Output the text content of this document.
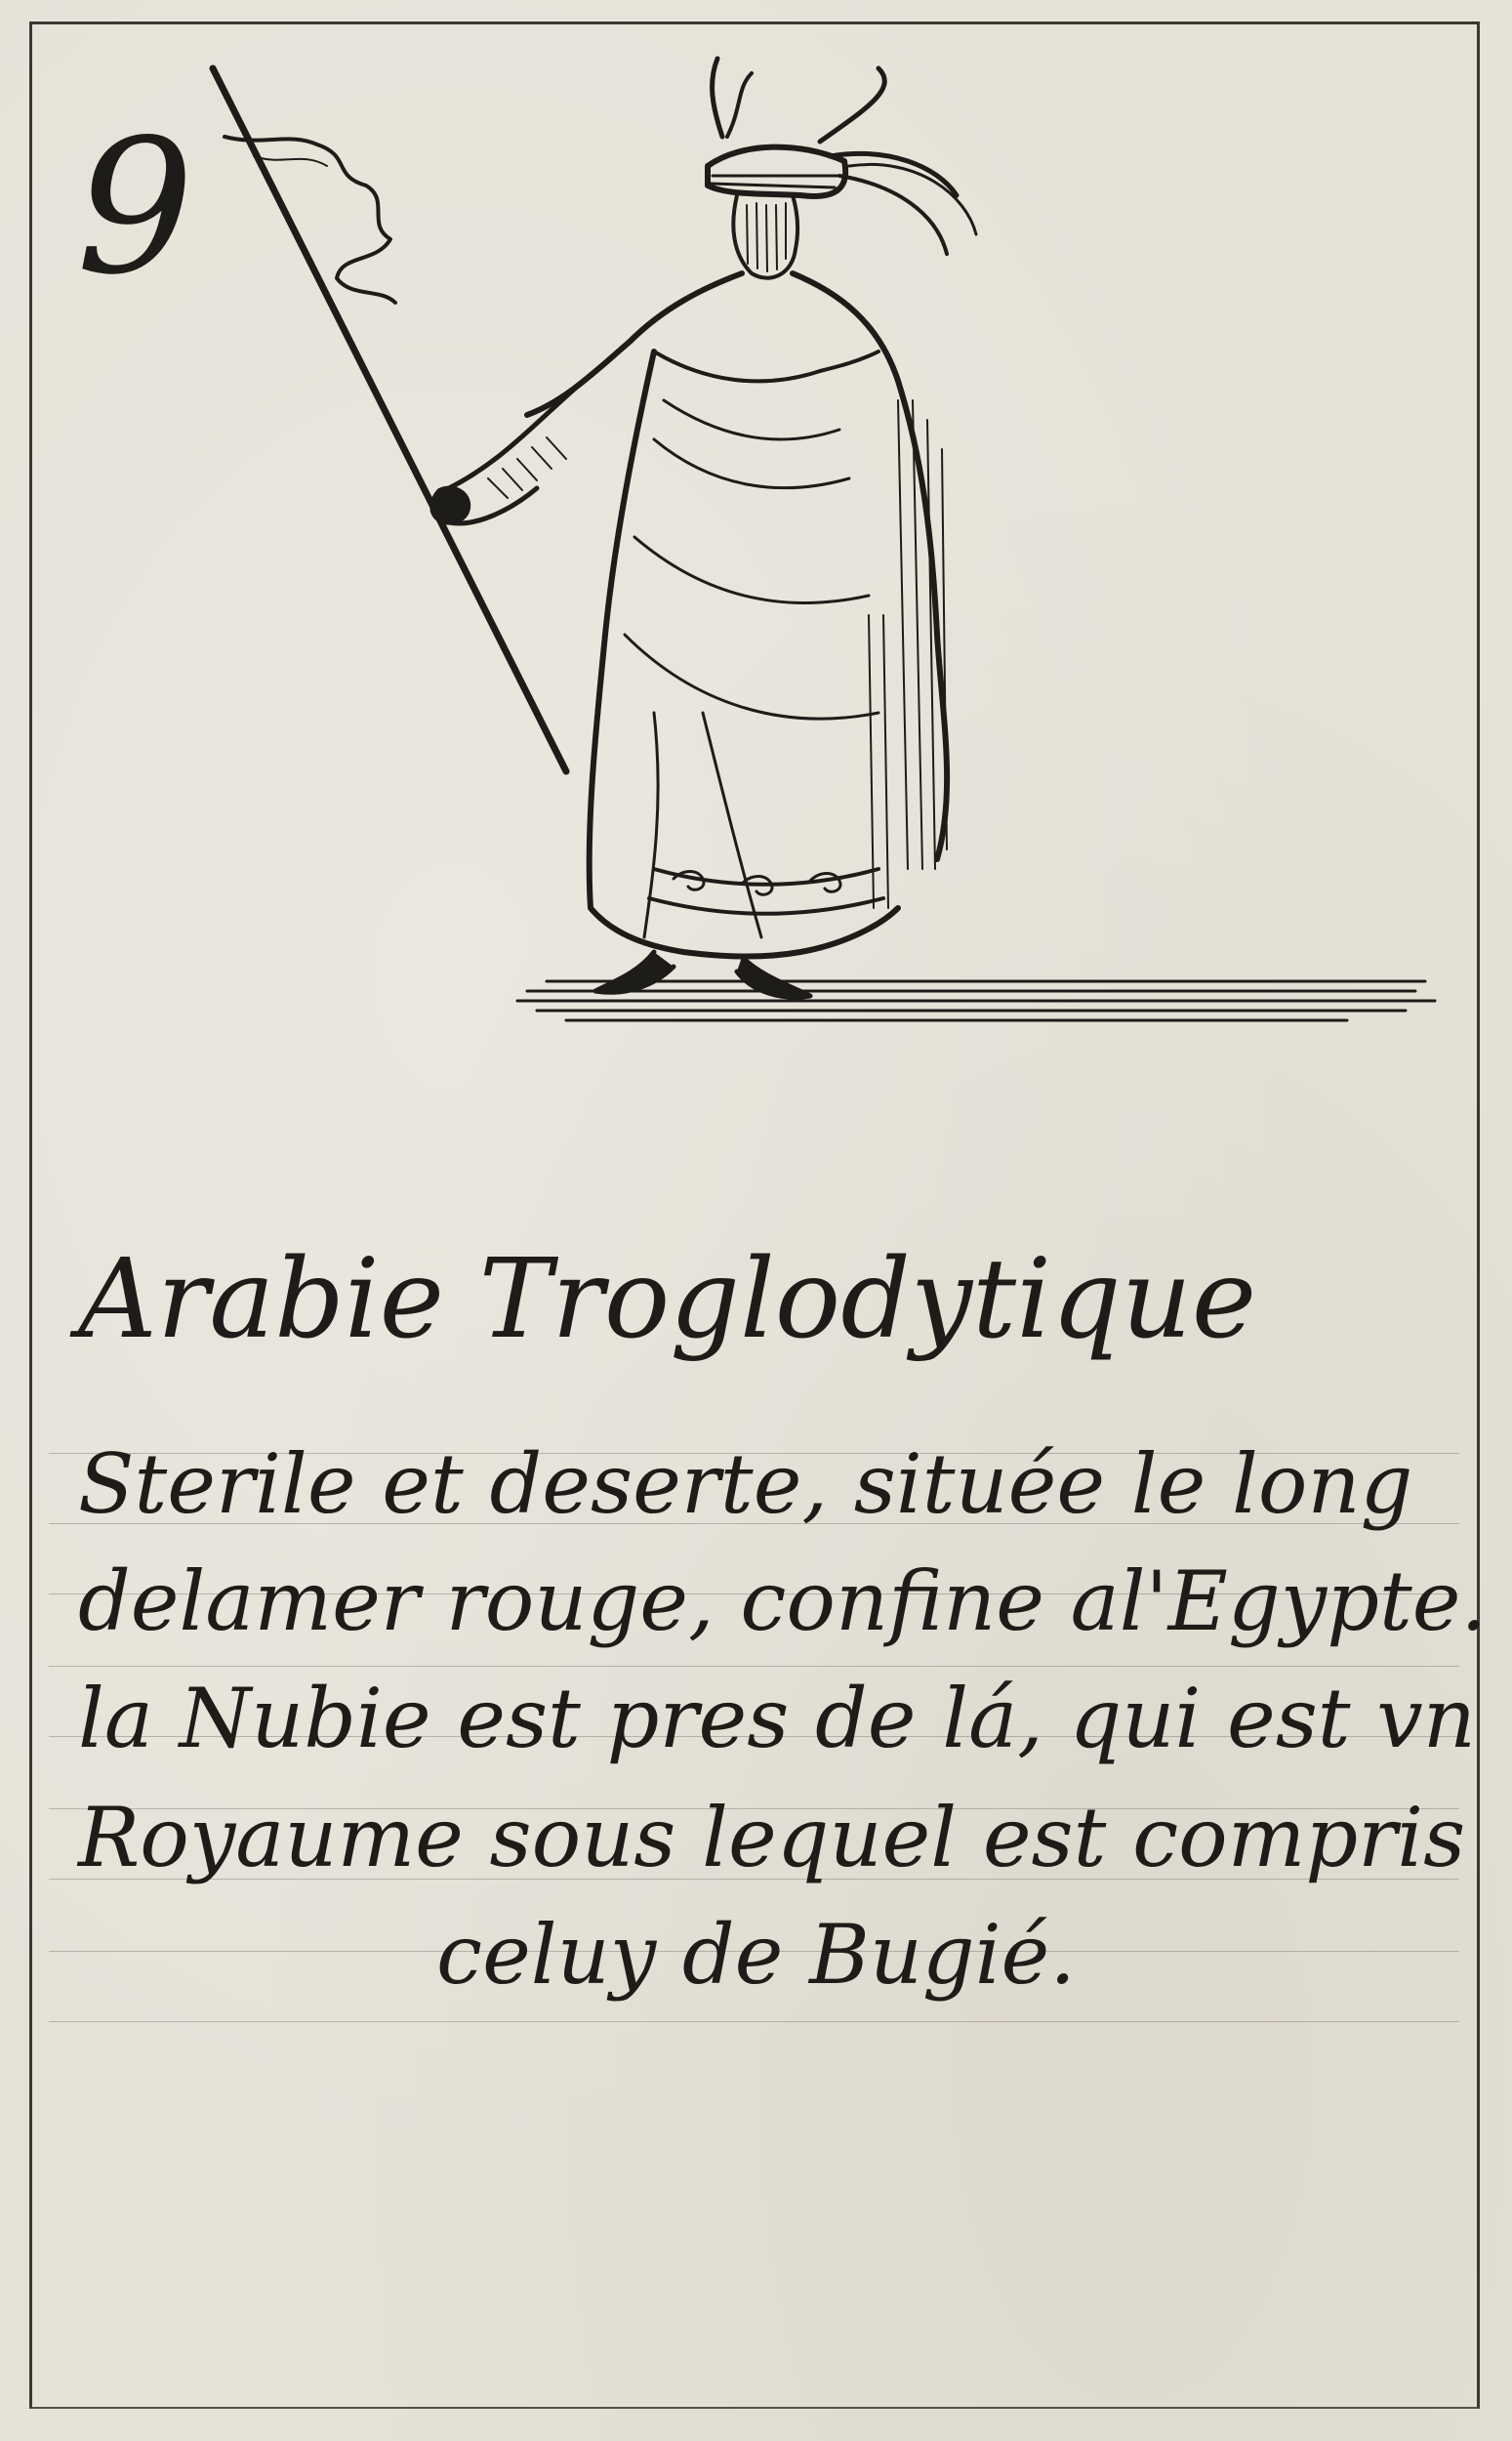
9
Arabie Troglodytique
Sterile et deserte, située le long
delamer rouge, confine al'Egypte.
la Nubie est pres de lá, qui est vn
Royaume sous lequel est compris
celuy de Bugié.
